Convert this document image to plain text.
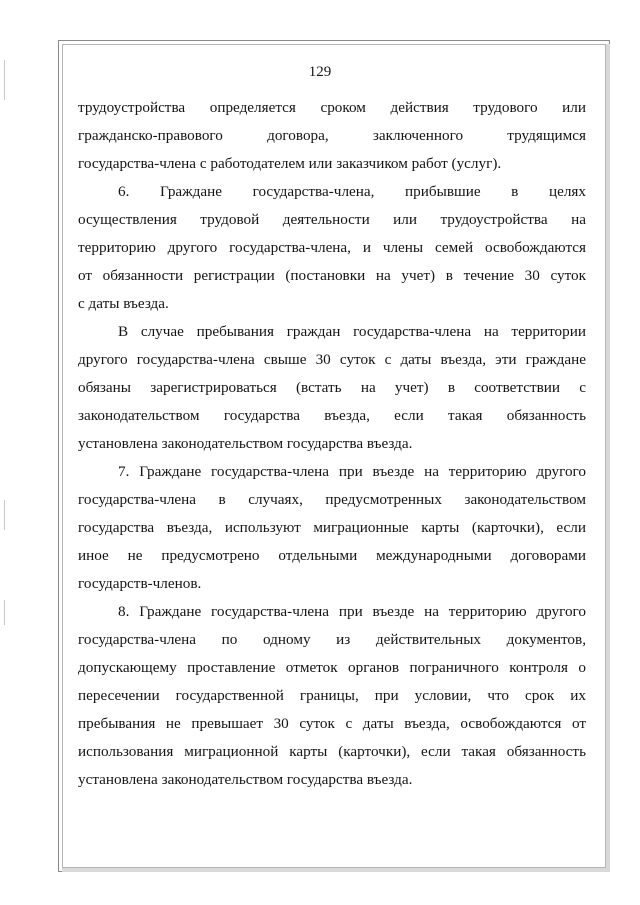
129

трудоустройства определяется сроком действия трудового или
гражданско-правового договора, заключенного трудящимся
государства-члена с работодателем или заказчиком работ (услуг).

6. Граждане государства-члена, прибывшие в целях
осуществления трудовой деятельности или трудоустройства на
территорию другого государства-члена, и члены семей освобождаются
от обязанности регистрации (постановки на учет) в течение 30 суток
с даты въезда.

В случае пребывания граждан государства-члена на территории
другого государства-члена свыше 30 суток с даты въезда, эти граждане
обязаны зарегистрироваться (встать на учет) в соответствии с
законодательством государства въезда, если такая обязанность
установлена законодательством государства въезда.

7. Граждане государства-члена при въезде на территорию другого
государства-члена в случаях, предусмотренных законодательством
государства въезда, используют миграционные карты (карточки), если
иное не предусмотрено отдельными международными договорами
государств-членов.

8. Граждане государства-члена при въезде на территорию другого
государства-члена по одному из действительных документов,
допускающему проставление отметок органов пограничного контроля о
пересечении государственной границы, при условии, что срок их
пребывания не превышает 30 суток с даты въезда, освобождаются от
использования миграционной карты (карточки), если такая обязанность
установлена законодательством государства въезда.
